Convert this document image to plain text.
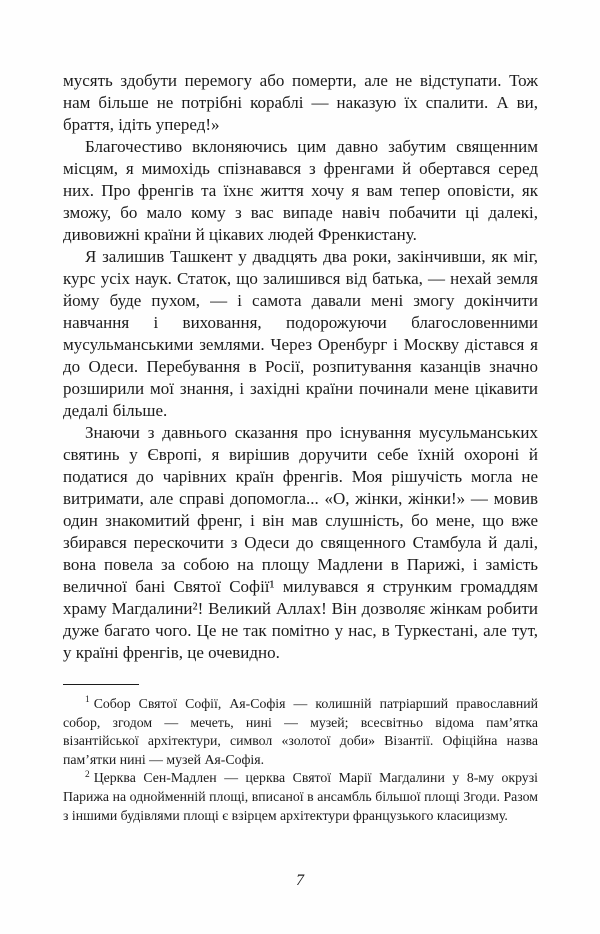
мусять здобути перемогу або померти, але не відступати. Тож нам більше не потрібні кораблі — наказую їх спалити. А ви, браття, ідіть уперед!»

Благочестиво вклоняючись цим давно забутим священним місцям, я мимохідь спізнавався з френгами й обертався серед них. Про френгів та їхнє життя хочу я вам тепер оповісти, як зможу, бо мало кому з вас випаде навіч побачити ці далекі, дивовижні країни й цікавих людей Френкистану.

Я залишив Ташкент у двадцять два роки, закінчивши, як міг, курс усіх наук. Статок, що залишився від батька, — нехай земля йому буде пухом, — і самота давали мені змогу докінчити навчання і виховання, подорожуючи благословенними мусульманськими землями. Через Оренбург і Москву дістався я до Одеси. Перебування в Росії, розпитування казанців значно розширили мої знання, і західні країни починали мене цікавити дедалі більше.

Знаючи з давнього сказання про існування мусульманських святинь у Європі, я вирішив доручити себе їхній охороні й податися до чарівних країн френгів. Моя рішучість могла не витримати, але справі допомогла... «О, жінки, жінки!» — мовив один знакомитий френг, і він мав слушність, бо мене, що вже збирався перескочити з Одеси до священного Стамбула й далі, вона повела за собою на площу Мадлени в Парижі, і замість величної бані Святої Софії¹ милувався я струнким громаддям храму Магдалини²! Великий Аллах! Він дозволяє жінкам робити дуже багато чого. Це не так помітно у нас, в Туркестані, але тут, у країні френгів, це очевидно.

$^1$ Собор Святої Софії, Ая-Софія — колишній патріарший православний собор, згодом — мечеть, нині — музей; всесвітньо відома пам’ятка візантійської архітектури, символ «золотої доби» Візантії. Офіційна назва пам’ятки нині — музей Ая-Софія.

$^2$ Церква Сен-Мадлен — церква Святої Марії Магдалини у 8-му окрузі Парижа на однойменній площі, вписаної в ансамбль більшої площі Згоди. Разом з іншими будівлями площі є взірцем архітектури французького класицизму.

7
